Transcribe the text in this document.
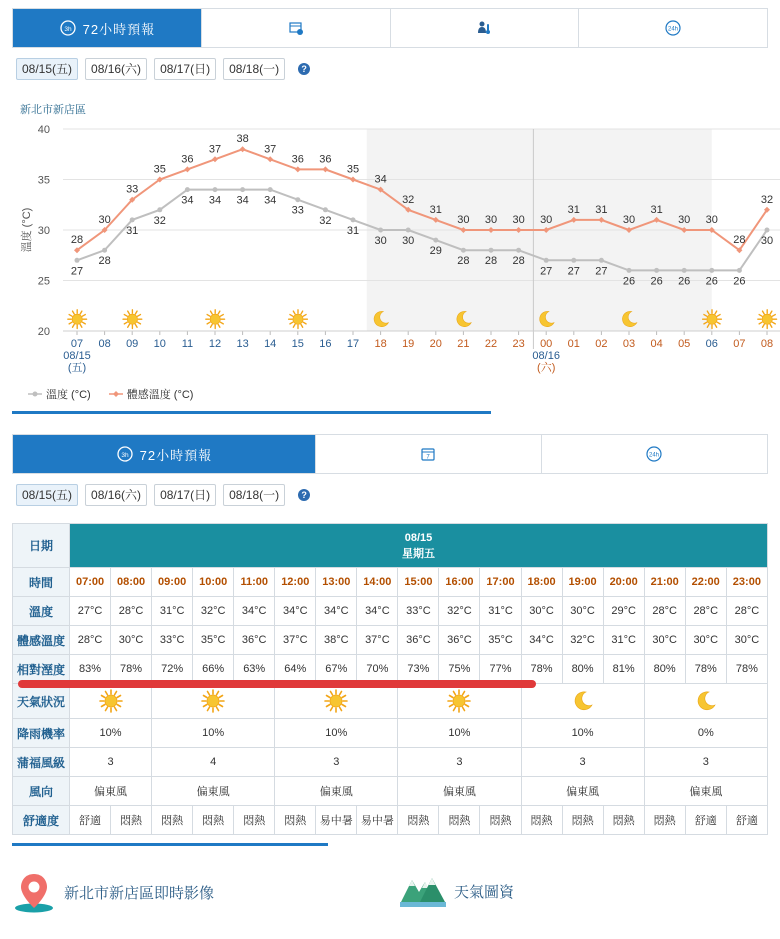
3h 72小時預報	24h
08/15(五)	08/16(六)	08/17(日)	08/18(一)	?
新北市新店區
20
25
30
35
40
溫度 (°C)
07 08 09 10 11 12 13 14 15 16 17 18 19 20 21 22 23 00 01 02 03 04 05 06 07 08
08/15
(五)
08/16
(六)
27
28
31
32
34 34 34 34
33
32
31
30 30
29
28 28 28
27 27 27
26 26 26 26 26
30
28
30
33
35
36
37
38
37
36 36
35
34
32
31
30 30 30 30
31 31
30
31
30 30
28
32
溫度 (°C)	體感溫度 (°C)
3h 72小時預報	7	24h
08/15(五)	08/16(六)	08/17(日)	08/18(一)	?
日期	08/15
星期五																

時間	07:00	08:00	09:00	10:00	11:00	12:00	13:00	14:00	15:00	16:00	17:00	18:00	19:00	20:00	21:00	22:00	23:00
溫度	27°C	28°C	31°C	32°C	34°C	34°C	34°C	34°C	33°C	32°C	31°C	30°C	30°C	29°C	28°C	28°C	28°C
體感溫度	28°C	30°C	33°C	35°C	36°C	37°C	38°C	37°C	36°C	36°C	35°C	34°C	32°C	31°C	30°C	30°C	30°C
相對溼度	83%	78%	72%	66%	63%	64%	67%	70%	73%	75%	77%	78%	80%	81%	80%	78%	78%
天氣狀況						
降雨機率	10%		10%			10%			10%			10%			0%		
蒲福風級	3		4			3			3			3			3		
風向	偏東風		偏東風			偏東風			偏東風			偏東風			偏東風		
舒適度	舒適	悶熱	悶熱	悶熱	悶熱	悶熱	易中暑	易中暑	悶熱	悶熱	悶熱	悶熱	悶熱	悶熱	悶熱	舒適	舒適
新北市新店區即時影像	天氣圖資
